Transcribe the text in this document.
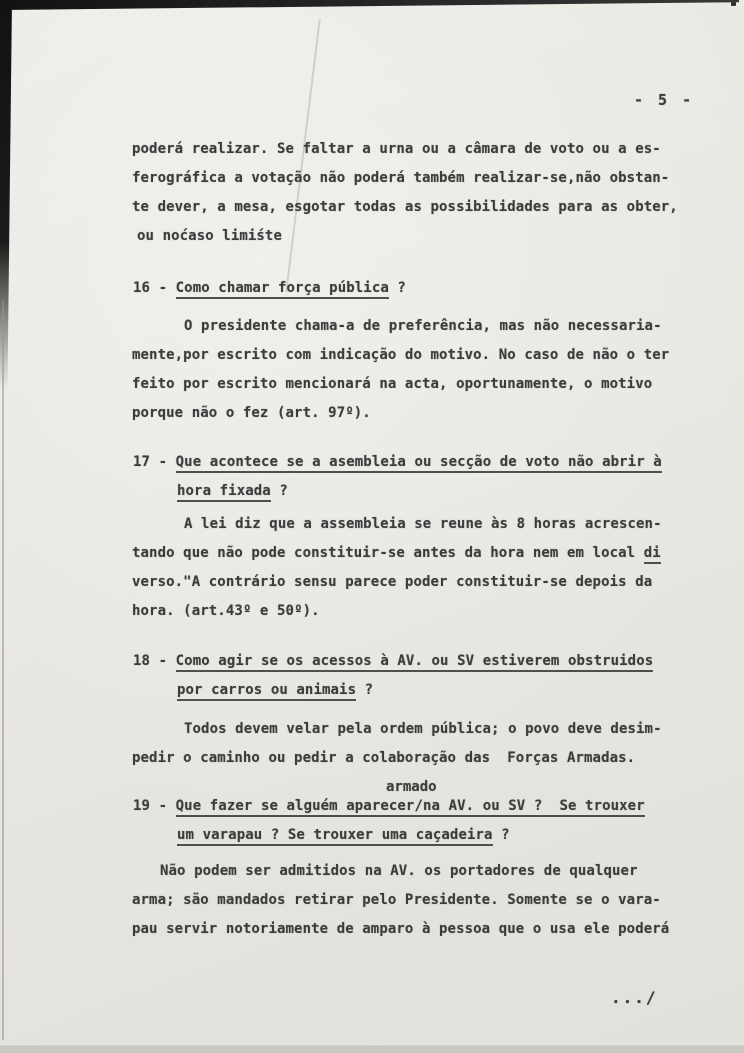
- 5 -
poderá realizar. Se faltar a urna ou a câmara de voto ou a es-
ferográfica a votação não poderá também realizar-se,não obstan-
te dever, a mesa, esgotar todas as possibilidades para as obter,
ou noćaso limiśte
16 - Como chamar força pública ?
O presidente chama-a de preferência, mas não necessaria-
mente,por escrito com indicação do motivo. No caso de não o ter
feito por escrito mencionará na acta, oportunamente, o motivo
porque não o fez (art. 97º).
17 - Que acontece se a asembleia ou secção de voto não abrir à
hora fixada ?
A lei diz que a assembleia se reune às 8 horas acrescen-
tando que não pode constituir-se antes da hora nem em local di
verso."A contrário sensu parece poder constituir-se depois da
hora. (art.43º e 50º).
18 - Como agir se os acessos à AV. ou SV estiverem obstruidos
por carros ou animais ?
Todos devem velar pela ordem pública; o povo deve desim-
pedir o caminho ou pedir a colaboração das  Forças Armadas.
armado
19 - Que fazer se alguém aparecer/na AV. ou SV ?  Se trouxer
um varapau ? Se trouxer uma caçadeira ?
Não podem ser admitidos na AV. os portadores de qualquer
arma; são mandados retirar pelo Presidente. Somente se o vara-
pau servir notoriamente de amparo à pessoa que o usa ele poderá
.../
